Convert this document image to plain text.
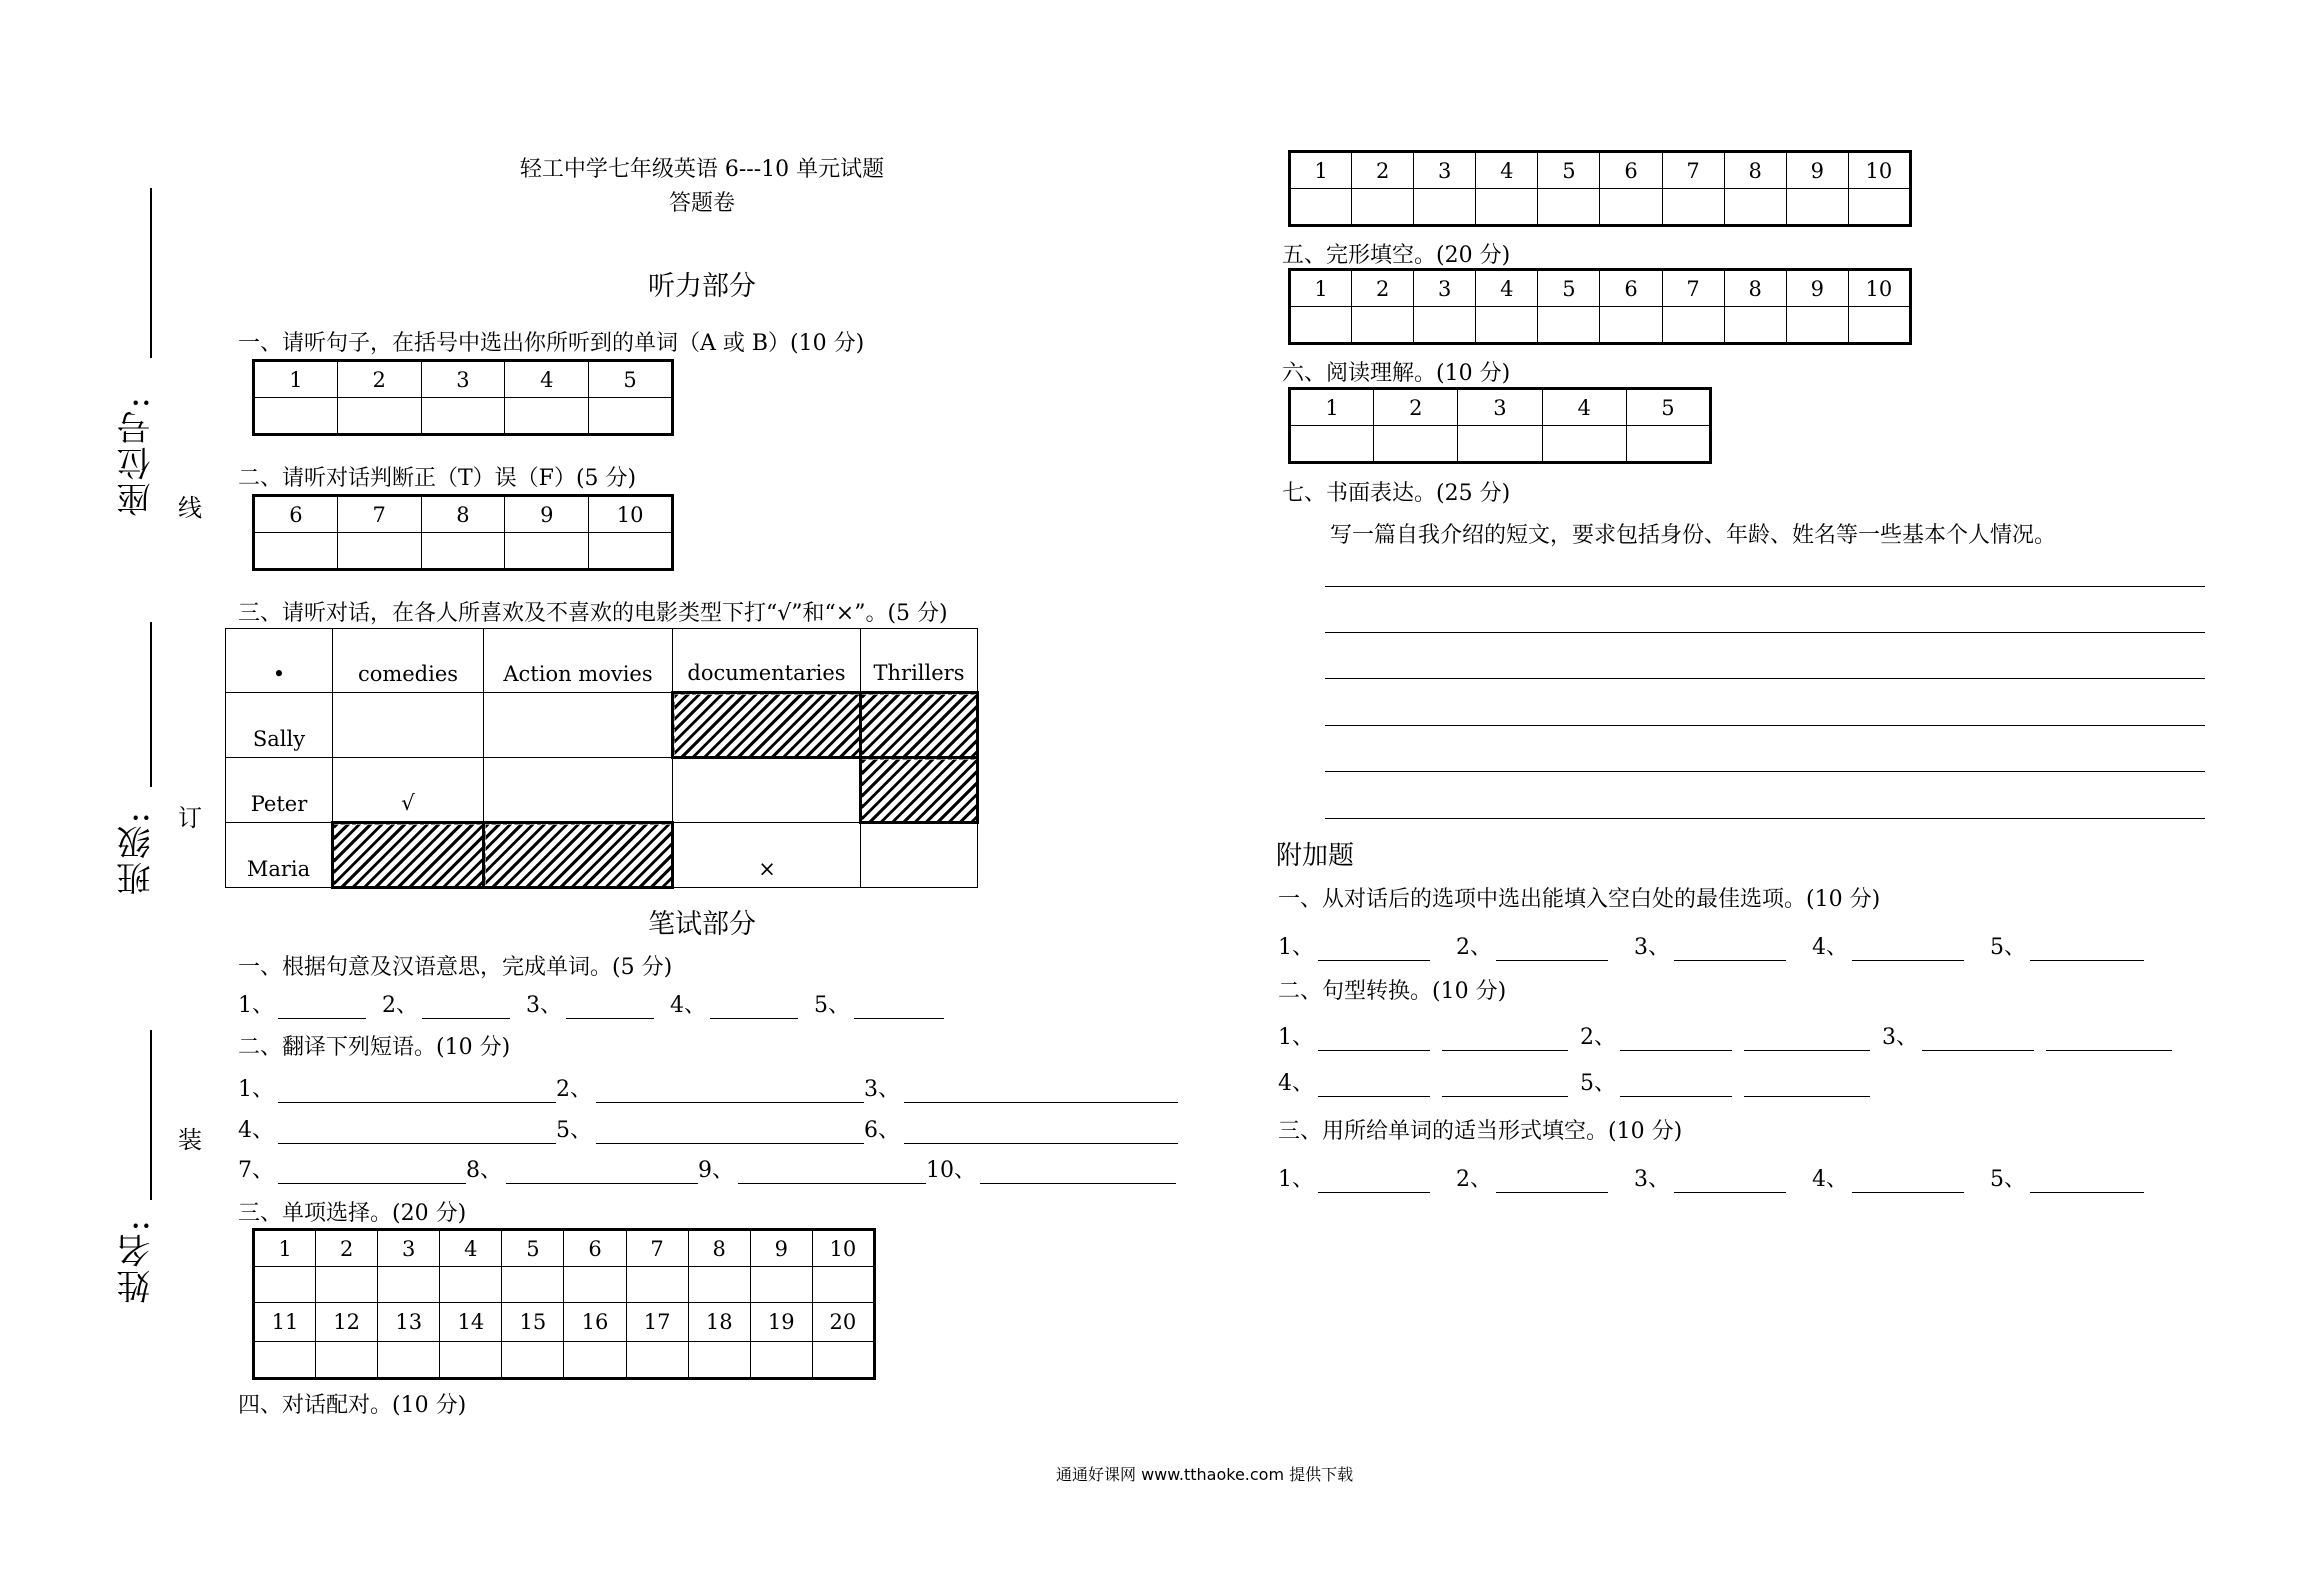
座位号: 线
班级: 订
姓名:
装
轻工中学七年级英语 6---10 单元试题
答题卷
听力部分
一、请听句子，在括号中选出你所听到的单词（A 或 B）(10 分)
1	2	3	4	5

二、请听对话判断正（T）误（F）(5 分)
6	7	8	9	10

三、请听对话，在各人所喜欢及不喜欢的电影类型下打“√”和“×”。(5 分)
•	comedies	Action movies	documentaries	Thrillers
Sally				
Peter	√			
Maria			×	
笔试部分
一、根据句意及汉语意思，完成单词。(5 分)
1、	2、	3、	4、	5、
二、翻译下列短语。(10 分)
1、	2、	3、
4、	5、	6、
7、	8、	9、	10、
三、单项选择。(20 分)
1	2	3	4	5	6	7	8	9	10

11	12	13	14	15	16	17	18	19	20

四、对话配对。(10 分)
1	2	3	4	5	6	7	8	9	10

五、完形填空。(20 分)
1	2	3	4	5	6	7	8	9	10

六、阅读理解。(10 分)
1	2	3	4	5

七、书面表达。(25 分)
写一篇自我介绍的短文，要求包括身份、年龄、姓名等一些基本个人情况。
附加题
一、从对话后的选项中选出能填入空白处的最佳选项。(10 分)
1、	2、	3、	4、	5、
二、句型转换。(10 分)
1、	2、	3、
4、	5、
三、用所给单词的适当形式填空。(10 分)
1、	2、	3、	4、	5、
通通好课网 www.tthaoke.com 提供下载
